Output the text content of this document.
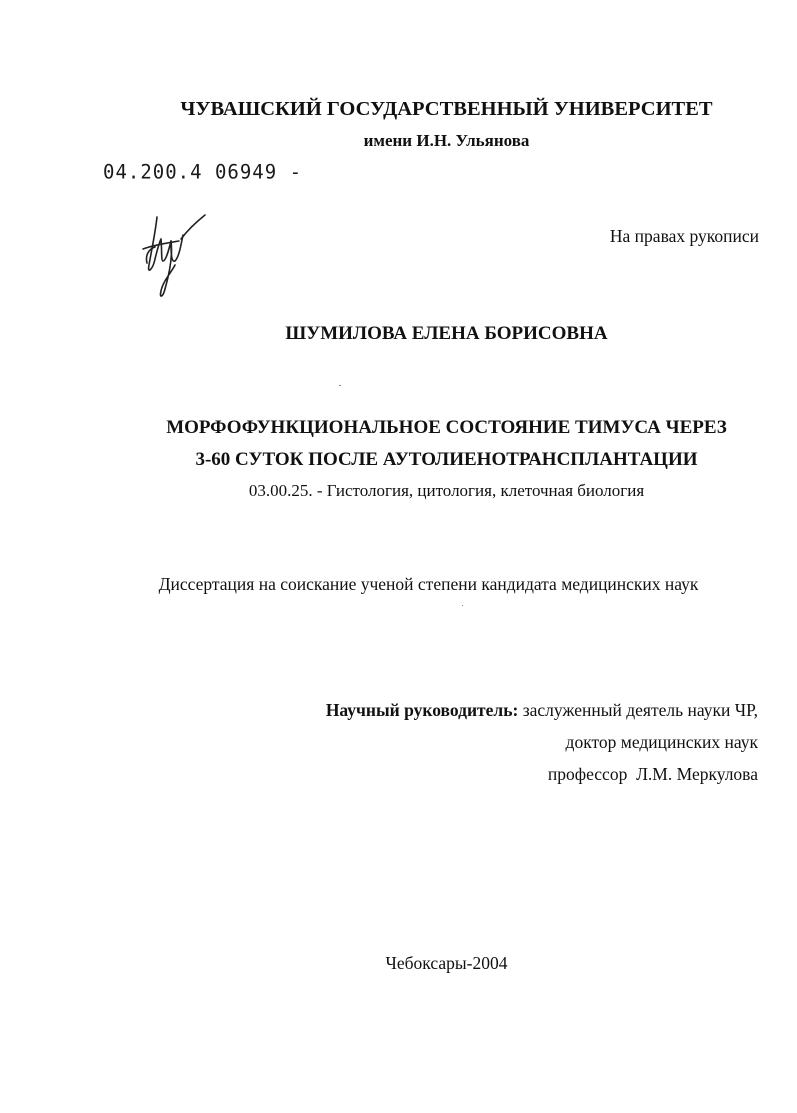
ЧУВАШСКИЙ ГОСУДАРСТВЕННЫЙ УНИВЕРСИТЕТ
имени И.Н. Ульянова
04.200.4 06949 -
На правах рукописи
ШУМИЛОВА ЕЛЕНА БОРИСОВНА
МОРФОФУНКЦИОНАЛЬНОЕ СОСТОЯНИЕ ТИМУСА ЧЕРЕЗ
3-60 СУТОК ПОСЛЕ АУТОЛИЕНОТРАНСПЛАНТАЦИИ
03.00.25. - Гистология, цитология, клеточная биология
Диссертация на соискание ученой степени кандидата медицинских наук
Научный руководитель: заслуженный деятель науки ЧР,
доктор медицинских наук
профессор  Л.М. Меркулова
Чебоксары-2004
